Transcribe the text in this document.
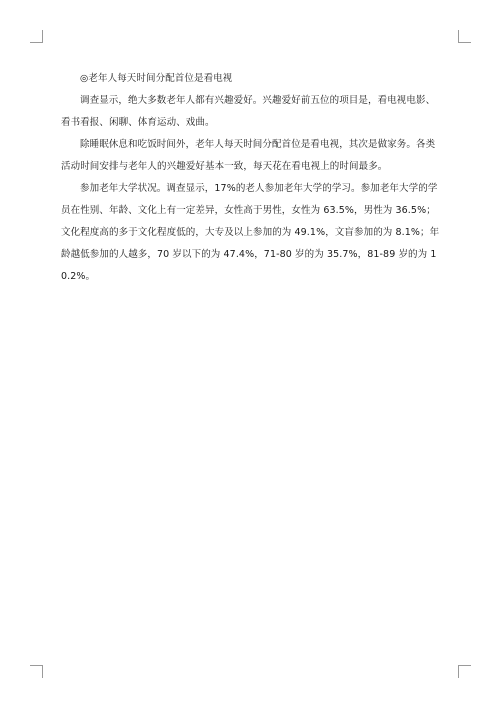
◎老年人每天时间分配首位是看电视

调查显示，绝大多数老年人都有兴趣爱好。兴趣爱好前五位的项目是，看电视电影、看书看报、闲聊、体育运动、戏曲。

除睡眠休息和吃饭时间外，老年人每天时间分配首位是看电视，其次是做家务。各类活动时间安排与老年人的兴趣爱好基本一致，每天花在看电视上的时间最多。

参加老年大学状况。调查显示，17%的老人参加老年大学的学习。参加老年大学的学员在性别、年龄、文化上有一定差异，女性高于男性，女性为 63.5%，男性为 36.5%；文化程度高的多于文化程度低的，大专及以上参加的为 49.1%，文盲参加的为 8.1%；年龄越低参加的人越多，70 岁以下的为 47.4%，71-80 岁的为 35.7%，81-89 岁的为 10.2%。
